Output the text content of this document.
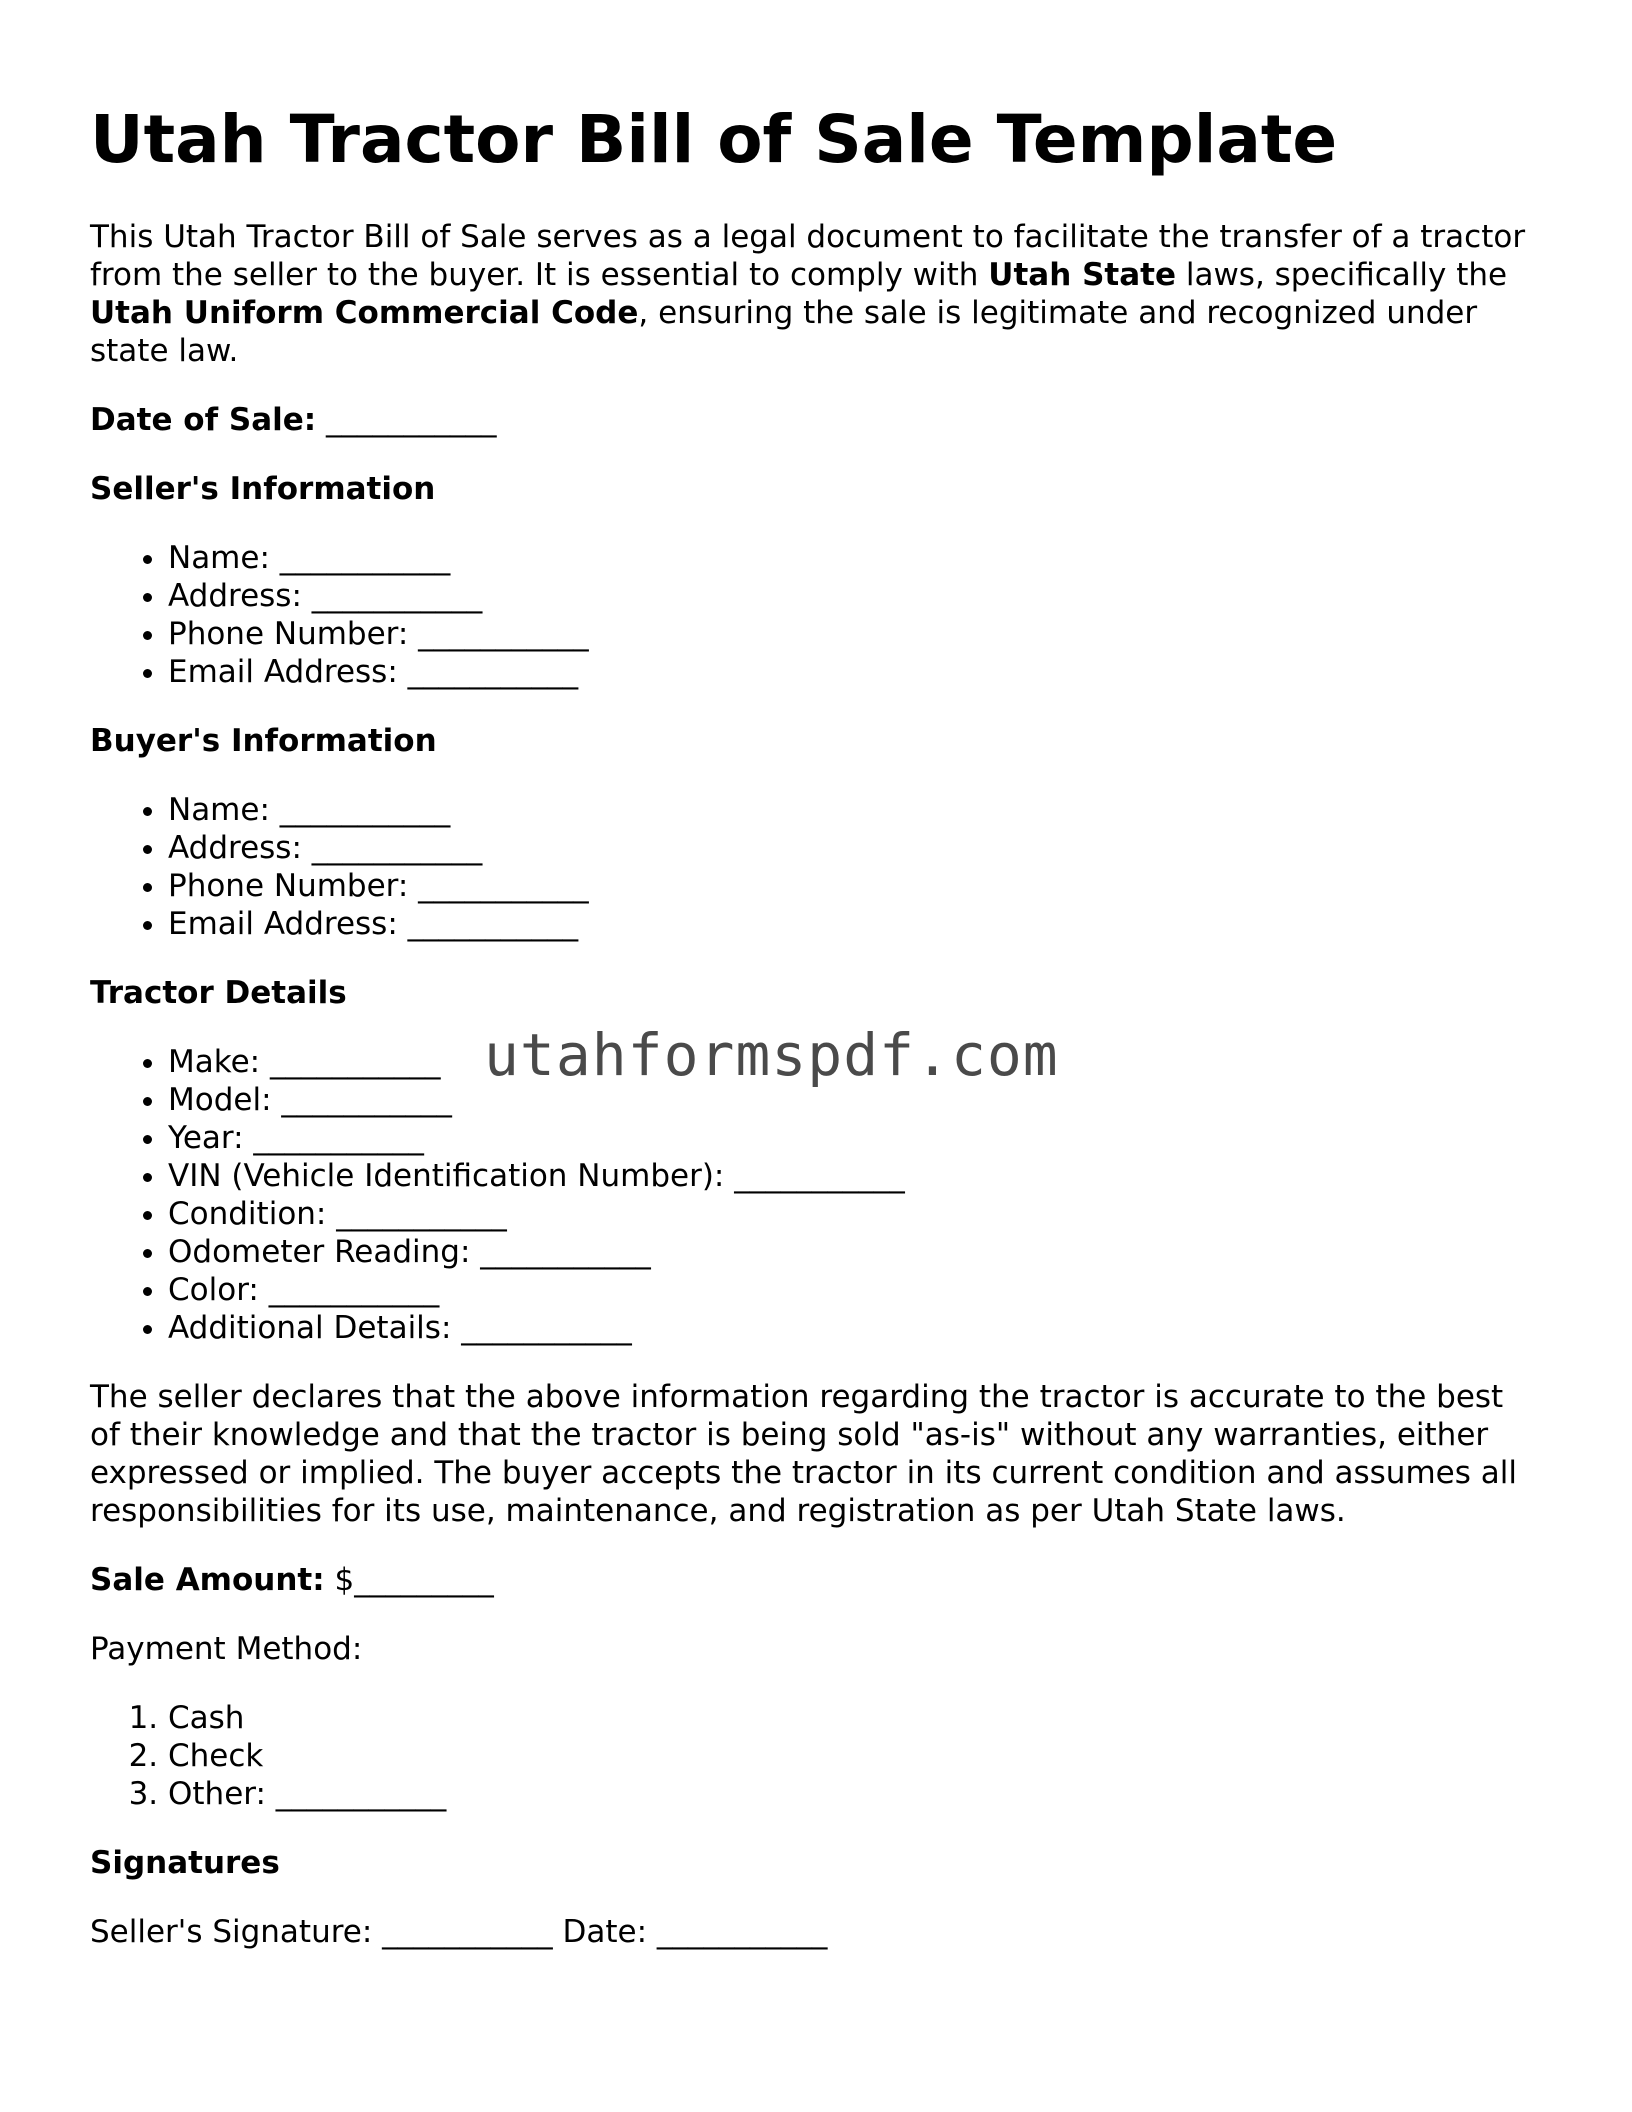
Utah Tractor Bill of Sale Template

This Utah Tractor Bill of Sale serves as a legal document to facilitate the transfer of a tractor from the seller to the buyer. It is essential to comply with Utah State laws, specifically the Utah Uniform Commercial Code, ensuring the sale is legitimate and recognized under state law.

Date of Sale: ___________

Seller's Information
• Name: ___________
• Address: ___________
• Phone Number: ___________
• Email Address: ___________
Buyer's Information
• Name: ___________
• Address: ___________
• Phone Number: ___________
• Email Address: ___________
Tractor Details
• Make: ___________
• Model: ___________
• Year: ___________
• VIN (Vehicle Identification Number): ___________
• Condition: ___________
• Odometer Reading: ___________
• Color: ___________
• Additional Details: ___________

The seller declares that the above information regarding the tractor is accurate to the best of their knowledge and that the tractor is being sold "as-is" without any warranties, either expressed or implied. The buyer accepts the tractor in its current condition and assumes all responsibilities for its use, maintenance, and registration as per Utah State laws.

Sale Amount: $_________

Payment Method:

1. Cash
2. Check
3. Other: ___________
Signatures

Seller's Signature: ___________ Date: ___________

utahformspdf.com
